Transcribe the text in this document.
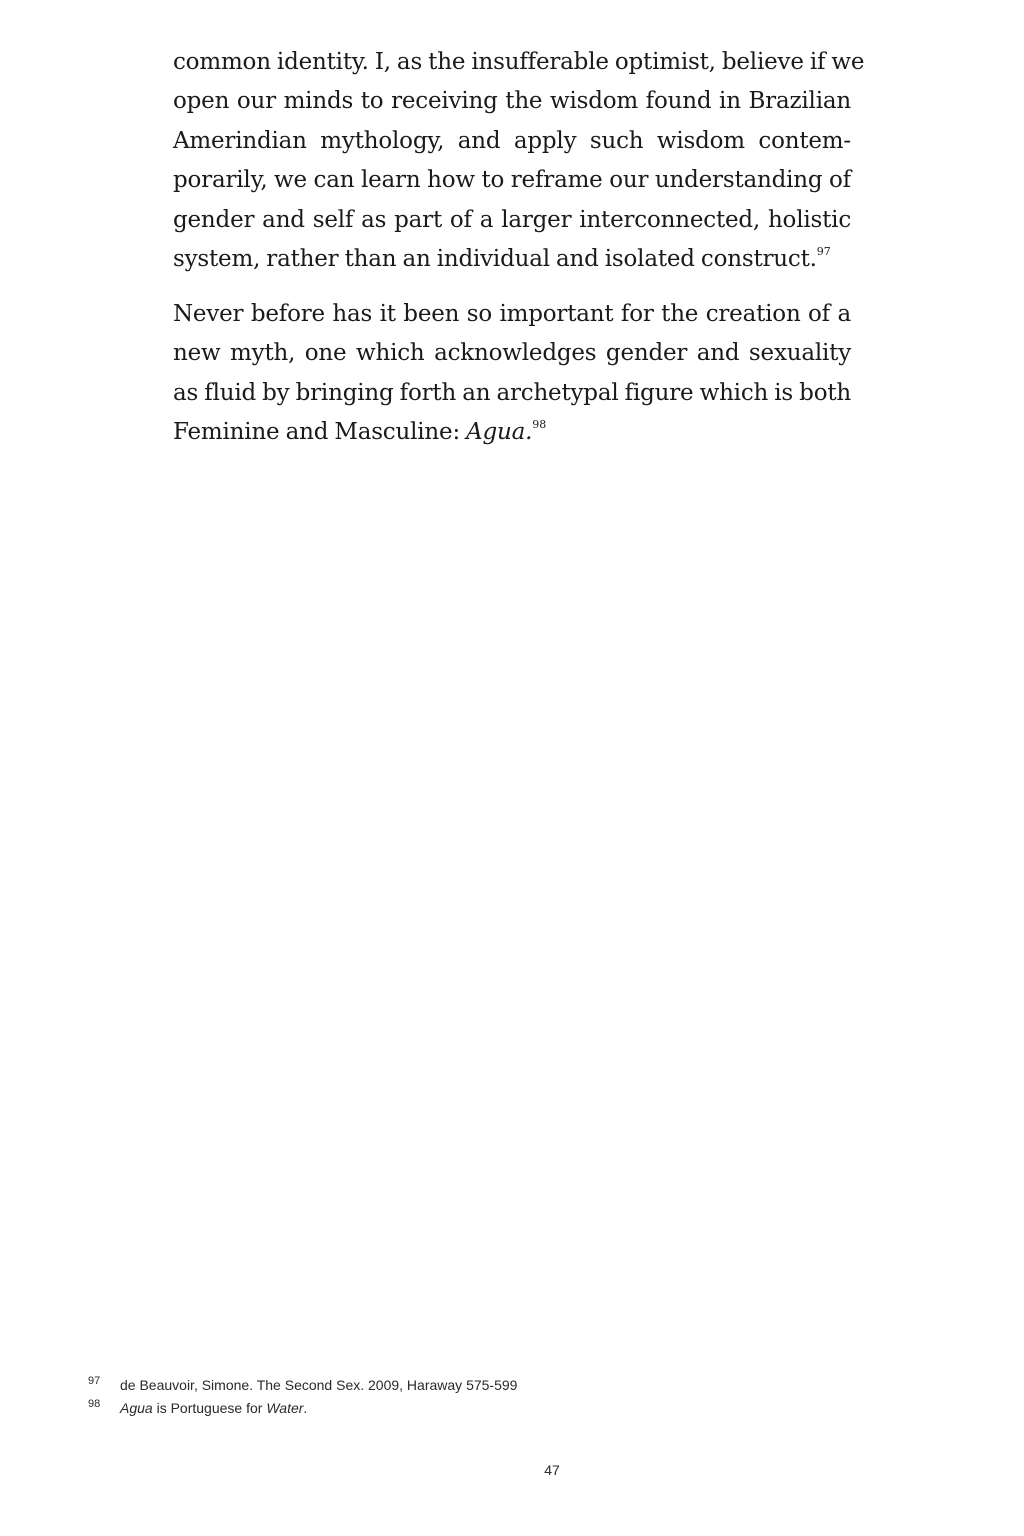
common identity. I, as the insufferable optimist, believe if we
open our minds to receiving the wisdom found in Brazilian
Amerindian mythology, and apply such wisdom contem-
porarily, we can learn how to reframe our understanding of
gender and self as part of a larger interconnected, holistic
system, rather than an individual and isolated construct.$^{97}$
Never before has it been so important for the creation of a
new myth, one which acknowledges gender and sexuality
as fluid by bringing forth an archetypal figure which is both
Feminine and Masculine: Agua.$^{98}$
97	de Beauvoir, Simone. The Second Sex. 2009, Haraway 575-599
98	Agua is Portuguese for Water.
47
